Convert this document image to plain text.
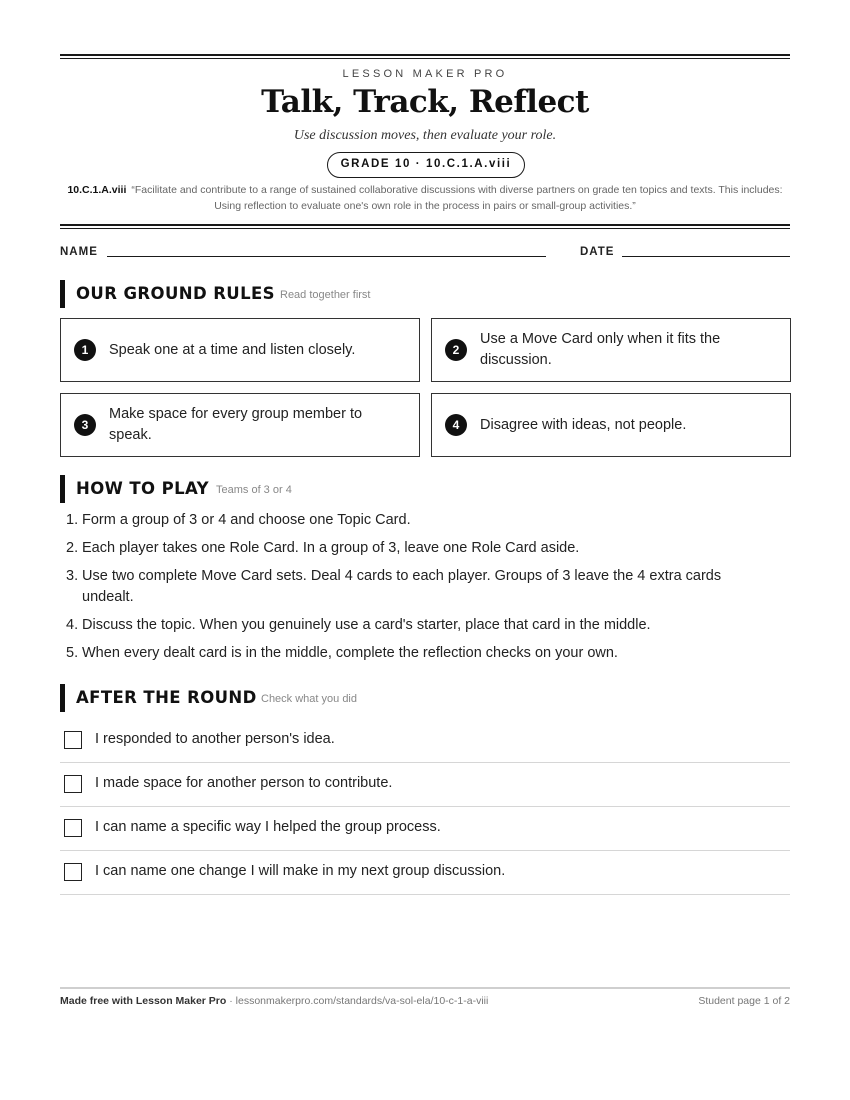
LESSON MAKER PRO
Talk, Track, Reflect
Use discussion moves, then evaluate your role.
GRADE 10 · 10.C.1.A.viii
10.C.1.A.viii “Facilitate and contribute to a range of sustained collaborative discussions with diverse partners on grade ten topics and texts. This includes: Using reflection to evaluate one's own role in the process in pairs or small-group activities.”
NAME	DATE
OUR GROUND RULES Read together first
1	Speak one at a time and listen closely.	2
Use a Move Card only when it fits the discussion.
3
Make space for every group member to speak.
4	Disagree with ideas, not people.
HOW TO PLAY Teams of 3 or 4
1. Form a group of 3 or 4 and choose one Topic Card.
2. Each player takes one Role Card. In a group of 3, leave one Role Card aside.
3. Use two complete Move Card sets. Deal 4 cards to each player. Groups of 3 leave the 4 extra cards undealt.
4. Discuss the topic. When you genuinely use a card's starter, place that card in the middle.
5. When every dealt card is in the middle, complete the reflection checks on your own.
AFTER THE ROUND Check what you did
I responded to another person's idea.
I made space for another person to contribute.
I can name a specific way I helped the group process.
I can name one change I will make in my next group discussion.
Made free with Lesson Maker Pro · lessonmakerpro.com/standards/va-sol-ela/10-c-1-a-viii	Student page 1 of 2
